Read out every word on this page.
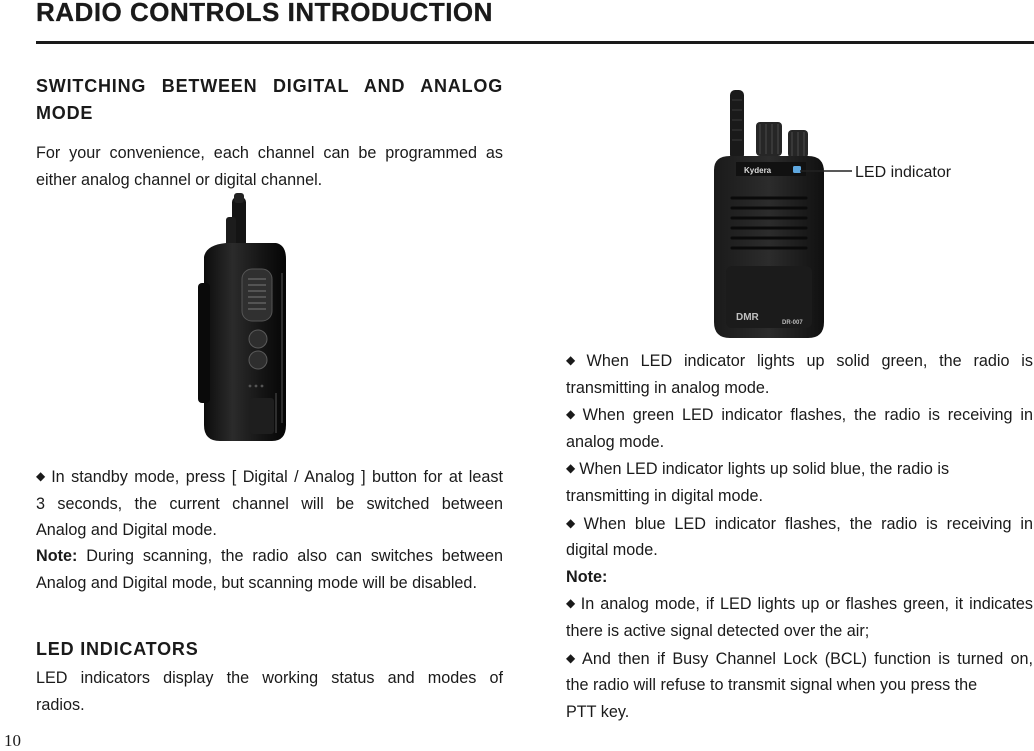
RADIO CONTROLS INTRODUCTION
SWITCHING BETWEEN DIGITAL AND ANALOG
MODE
For your convenience, each channel can be programmed as
either analog channel or digital channel.
◆ In standby mode, press [ Digital / Analog ] button for at least
3 seconds, the current channel will be switched between
Analog and Digital mode.
Note: During scanning, the radio also can switches between
Analog and Digital mode, but scanning mode will be disabled.
LED INDICATORS
LED indicators display the working status and modes of
radios.
Kydera
DMR	DR-007
LED indicator
◆ When LED indicator lights up solid green, the radio is
transmitting in analog mode.
◆ When green LED indicator flashes, the radio is receiving in
analog mode.
◆ When LED indicator lights up solid blue, the radio is
transmitting in digital mode.
◆ When blue LED indicator flashes, the radio is receiving in
digital mode.
Note:
◆ In analog mode, if LED lights up or flashes green, it indicates
there is active signal detected over the air;
◆ And then if Busy Channel Lock (BCL) function is turned on,
the radio will refuse to transmit signal when you press the
PTT key.
10
